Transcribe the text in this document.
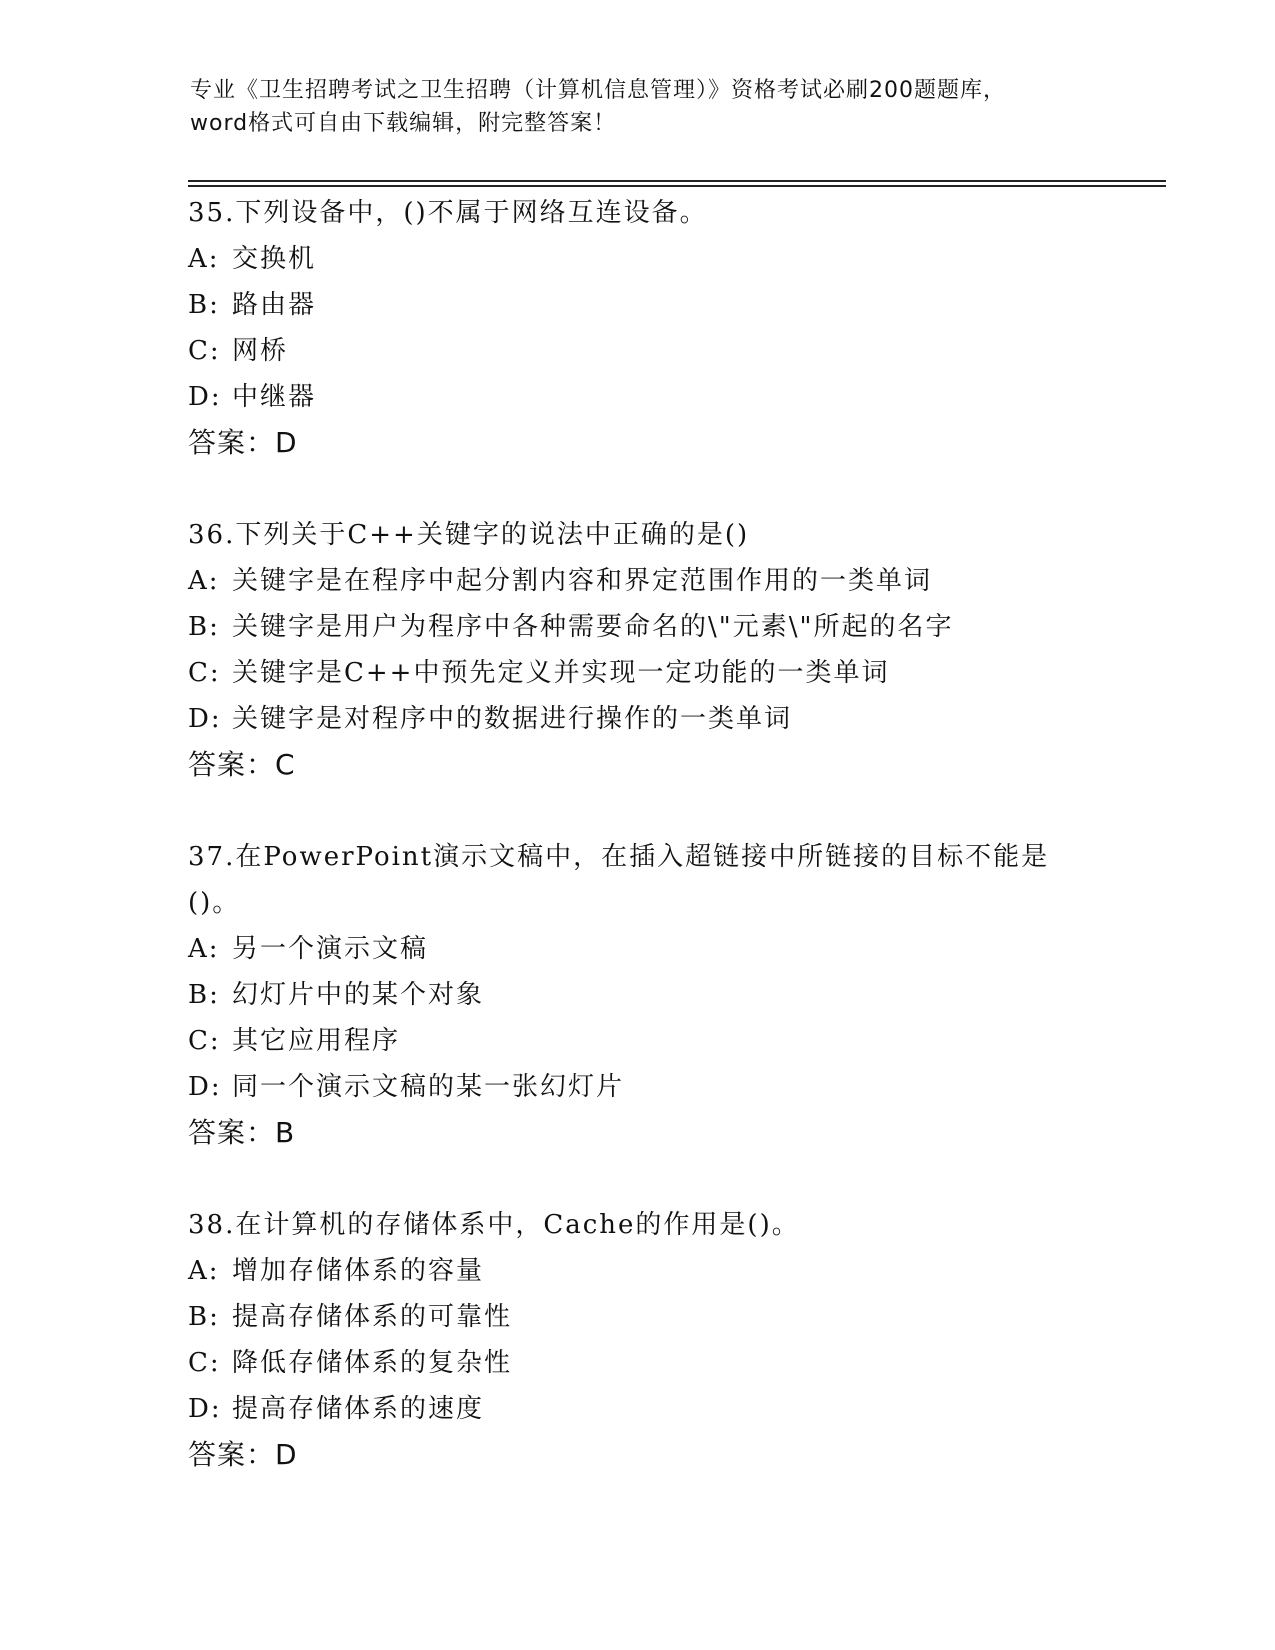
专业《卫生招聘考试之卫生招聘（计算机信息管理）》资格考试必刷200题题库，
word格式可自由下载编辑，附完整答案！
35.下列设备中，()不属于网络互连设备。
A: 交换机
B: 路由器
C: 网桥
D: 中继器
答案：D
36.下列关于C++关键字的说法中正确的是()
A: 关键字是在程序中起分割内容和界定范围作用的一类单词
B: 关键字是用户为程序中各种需要命名的\"元素\"所起的名字
C: 关键字是C++中预先定义并实现一定功能的一类单词
D: 关键字是对程序中的数据进行操作的一类单词
答案：C
37.在PowerPoint演示文稿中，在插入超链接中所链接的目标不能是
()。
A: 另一个演示文稿
B: 幻灯片中的某个对象
C: 其它应用程序
D: 同一个演示文稿的某一张幻灯片
答案：B
38.在计算机的存储体系中，Cache的作用是()。
A: 增加存储体系的容量
B: 提高存储体系的可靠性
C: 降低存储体系的复杂性
D: 提高存储体系的速度
答案：D
